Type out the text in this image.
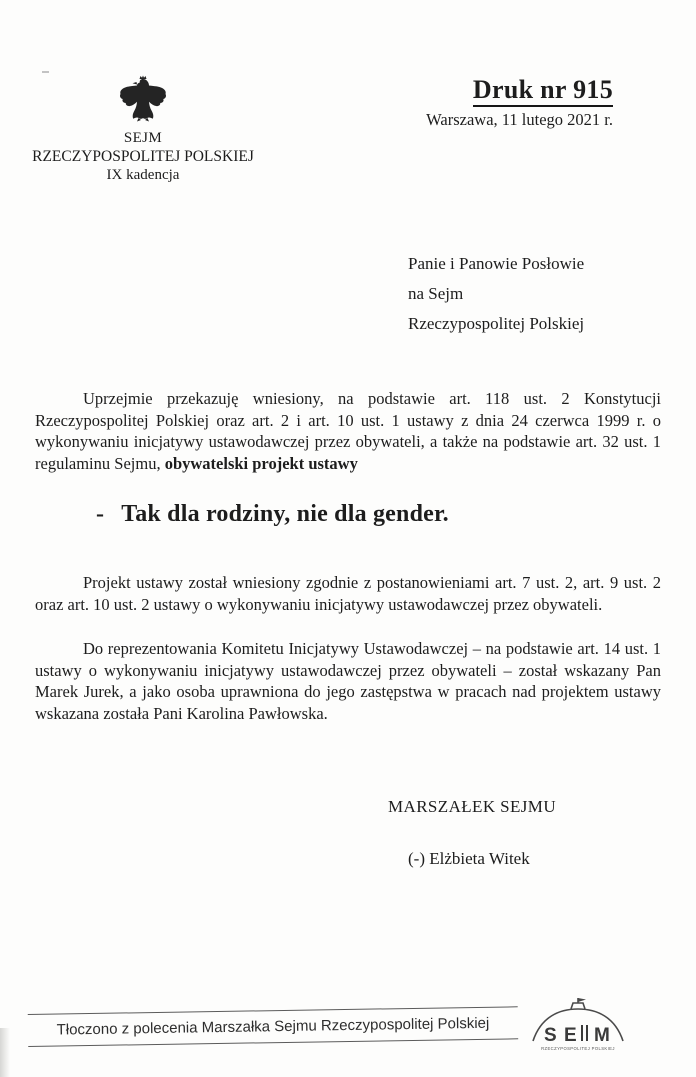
SEJM
RZECZYPOSPOLITEJ POLSKIEJ
IX kadencja
Druk nr 915
Warszawa, 11 lutego 2021 r.
Panie i Panowie Posłowie
na Sejm
Rzeczypospolitej Polskiej

Uprzejmie przekazuję wniesiony, na podstawie art. 118 ust. 2 Konstytucji Rzeczypospolitej Polskiej oraz art. 2 i art. 10 ust. 1 ustawy z dnia 24 czerwca 1999 r. o wykonywaniu inicjatywy ustawodawczej przez obywateli, a także na podstawie art. 32 ust. 1 regulaminu Sejmu, obywatelski projekt ustawy

- Tak dla rodziny, nie dla gender.

Projekt ustawy został wniesiony zgodnie z postanowieniami art. 7 ust. 2, art. 9 ust. 2 oraz art. 10 ust. 2 ustawy o wykonywaniu inicjatywy ustawodawczej przez obywateli.

Do reprezentowania Komitetu Inicjatywy Ustawodawczej – na podstawie art. 14 ust. 1 ustawy o wykonywaniu inicjatywy ustawodawczej przez obywateli – został wskazany Pan Marek Jurek, a jako osoba uprawniona do jego zastępstwa w pracach nad projektem ustawy wskazana została Pani Karolina Pawłowska.

MARSZAŁEK SEJMU
(-) Elżbieta Witek
Tłoczono z polecenia Marszałka Sejmu Rzeczypospolitej Polskiej	S E M
RZECZYPOSPOLITEJ POLSKIEJ
